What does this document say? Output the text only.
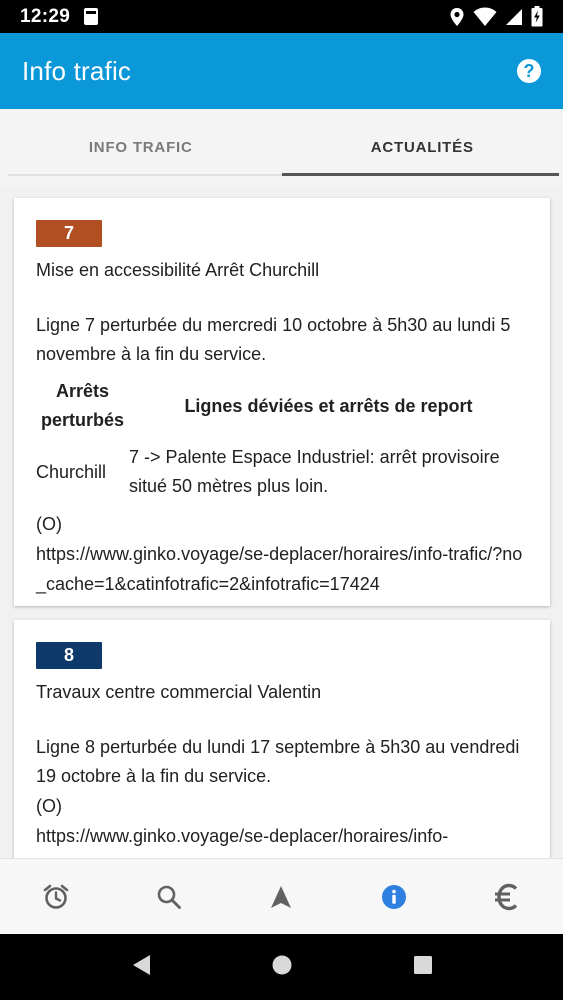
12:29
Info trafic	?
INFO TRAFIC	ACTUALITÉS
7
Mise en accessibilité Arrêt Churchill

Ligne 7 perturbée du mercredi 10 octobre à 5h30 au lundi 5 novembre à la fin du service.

Arrêts perturbés	Lignes déviées et arrêts de report
Churchill	7 -> Palente Espace Industriel: arrêt provisoire situé 50 mètres plus loin.
(O)
https://www.ginko.voyage/se-deplacer/horaires/info-trafic/?no_cache=1&catinfotrafic=2&infotrafic=17424
8
Travaux centre commercial Valentin

Ligne 8 perturbée du lundi 17 septembre à 5h30 au vendredi 19 octobre à la fin du service.

(O)
https://www.ginko.voyage/se-deplacer/horaires/info-
